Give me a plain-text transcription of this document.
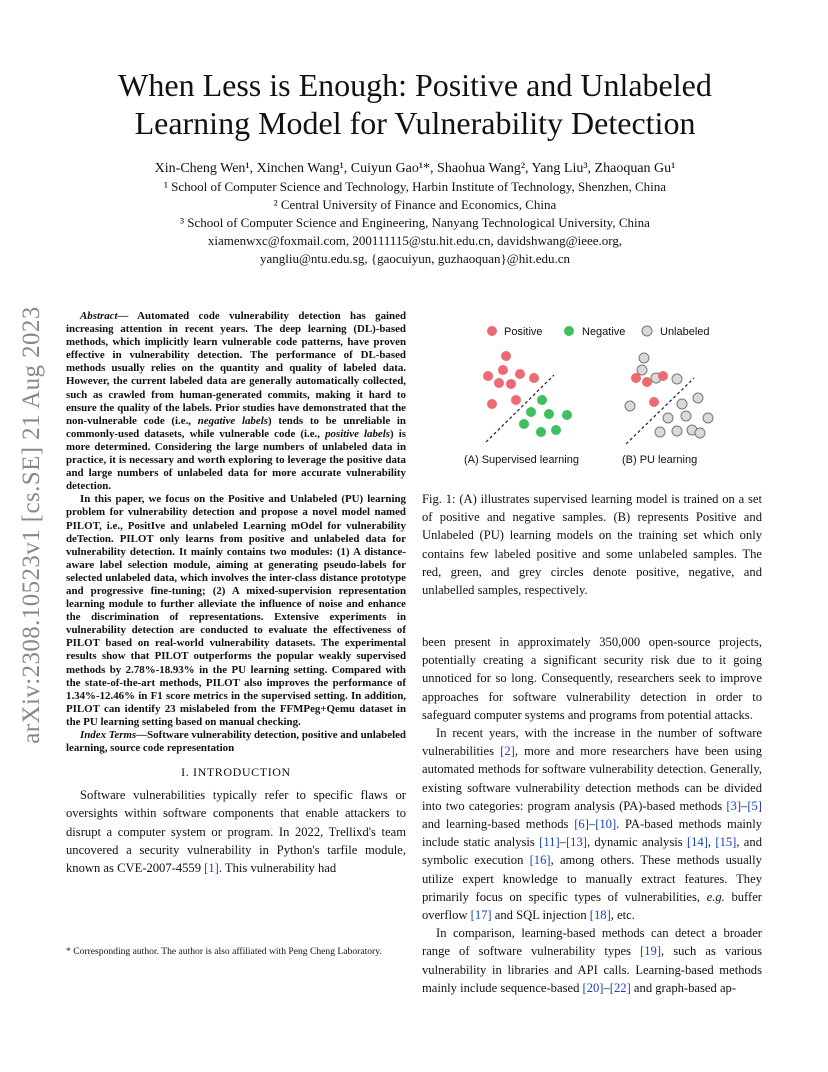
arXiv:2308.10523v1 [cs.SE] 21 Aug 2023
When Less is Enough: Positive and Unlabeled
Learning Model for Vulnerability Detection
Xin-Cheng Wen¹, Xinchen Wang¹, Cuiyun Gao¹*, Shaohua Wang², Yang Liu³, Zhaoquan Gu¹
¹ School of Computer Science and Technology, Harbin Institute of Technology, Shenzhen, China
² Central University of Finance and Economics, China
³ School of Computer Science and Engineering, Nanyang Technological University, China
xiamenwxc@foxmail.com, 200111115@stu.hit.edu.cn, davidshwang@ieee.org,
yangliu@ntu.edu.sg, {gaocuiyun, guzhaoquan}@hit.edu.cn

Abstract— Automated code vulnerability detection has gained increasing attention in recent years. The deep learning (DL)-based methods, which implicitly learn vulnerable code patterns, have proven effective in vulnerability detection. The performance of DL-based methods usually relies on the quantity and quality of labeled data. However, the current labeled data are generally automatically collected, such as crawled from human-generated commits, making it hard to ensure the quality of the labels. Prior studies have demonstrated that the non-vulnerable code (i.e., negative labels) tends to be unreliable in commonly-used datasets, while vulnerable code (i.e., positive labels) is more determined. Considering the large numbers of unlabeled data in practice, it is necessary and worth exploring to leverage the positive data and large numbers of unlabeled data for more accurate vulnerability detection.

In this paper, we focus on the Positive and Unlabeled (PU) learning problem for vulnerability detection and propose a novel model named PILOT, i.e., PositIve and unlabeled Learning mOdel for vulnerability deTection. PILOT only learns from positive and unlabeled data for vulnerability detection. It mainly contains two modules: (1) A distance-aware label selection module, aiming at generating pseudo-labels for selected unlabeled data, which involves the inter-class distance prototype and progressive fine-tuning; (2) A mixed-supervision representation learning module to further alleviate the influence of noise and enhance the discrimination of representations. Extensive experiments in vulnerability detection are conducted to evaluate the effectiveness of PILOT based on real-world vulnerability datasets. The experimental results show that PILOT outperforms the popular weakly supervised methods by 2.78%-18.93% in the PU learning setting. Compared with the state-of-the-art methods, PILOT also improves the performance of 1.34%-12.46% in F1 score metrics in the supervised setting. In addition, PILOT can identify 23 mislabeled from the FFMPeg+Qemu dataset in the PU learning setting based on manual checking.

Index Terms—Software vulnerability detection, positive and unlabeled learning, source code representation

I. INTRODUCTION

Software vulnerabilities typically refer to specific flaws or oversights within software components that enable attackers to disrupt a computer system or program. In 2022, Trellixd's team uncovered a security vulnerability in Python's tarfile module, known as CVE-2007-4559 [1]. This vulnerability had

* Corresponding author. The author is also affiliated with Peng Cheng Laboratory.
Positive	Negative	Unlabeled
(A) Supervised learning	(B) PU learning

Fig. 1: (A) illustrates supervised learning model is trained on a set of positive and negative samples. (B) represents Positive and Unlabeled (PU) learning models on the training set which only contains few labeled positive and some unlabeled samples. The red, green, and grey circles denote positive, negative, and unlabelled samples, respectively.

been present in approximately 350,000 open-source projects, potentially creating a significant security risk due to it going unnoticed for so long. Consequently, researchers seek to improve approaches for software vulnerability detection in order to safeguard computer systems and programs from potential attacks.

In recent years, with the increase in the number of software vulnerabilities [2], more and more researchers have been using automated methods for software vulnerability detection. Generally, existing software vulnerability detection methods can be divided into two categories: program analysis (PA)-based methods [3]–[5] and learning-based methods [6]–[10]. PA-based methods mainly include static analysis [11]–[13], dynamic analysis [14], [15], and symbolic execution [16], among others. These methods usually utilize expert knowledge to manually extract features. They primarily focus on specific types of vulnerabilities, e.g. buffer overflow [17] and SQL injection [18], etc.

In comparison, learning-based methods can detect a broader range of software vulnerability types [19], such as various vulnerability in libraries and API calls. Learning-based methods mainly include sequence-based [20]–[22] and graph-based ap-
